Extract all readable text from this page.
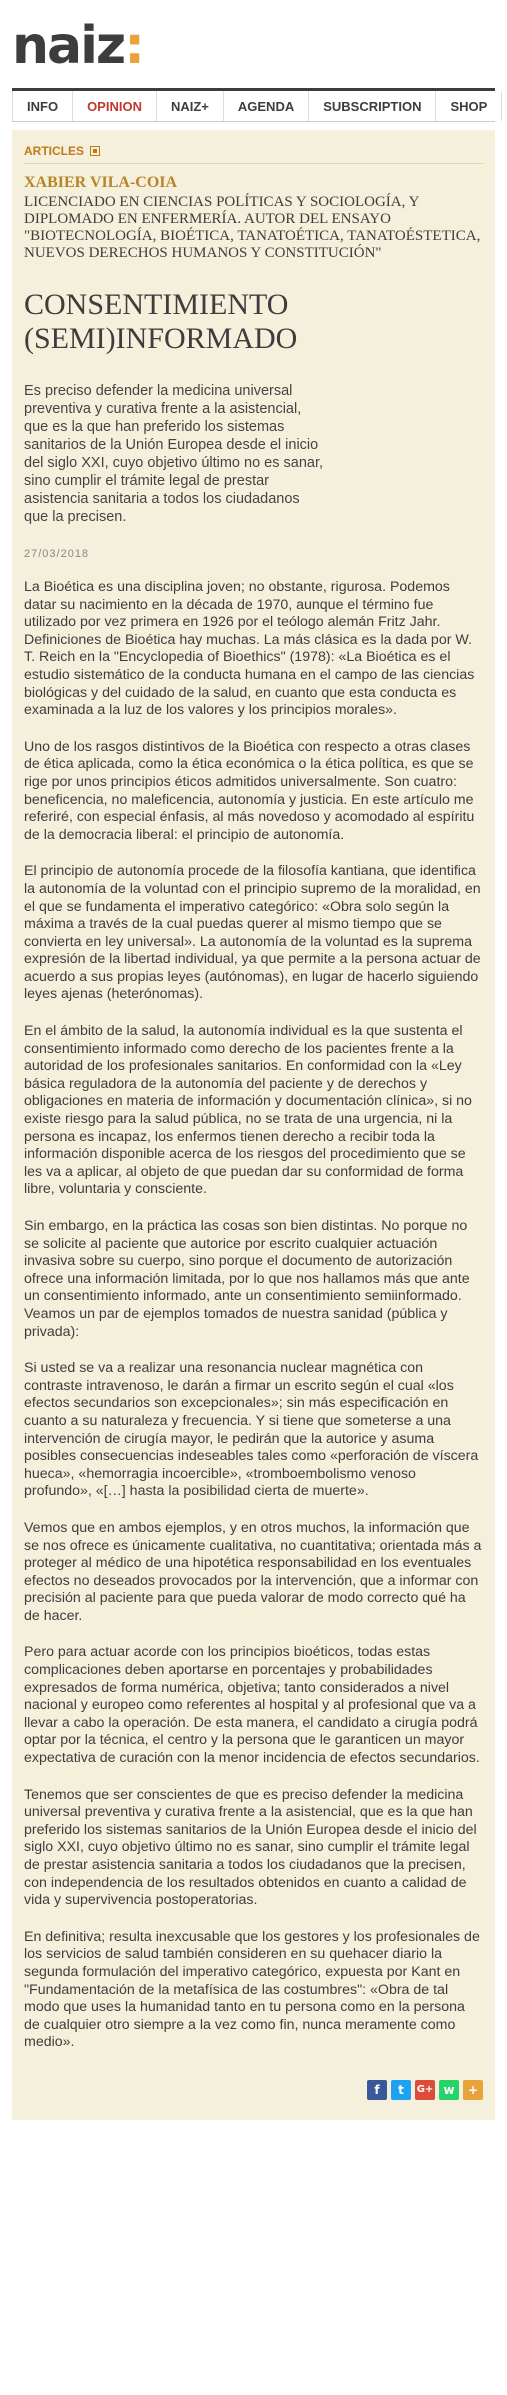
naiz:
INFO	OPINION	NAIZ+	AGENDA	SUBSCRIPTION	SHOP
ARTICLES
XABIER VILA-COIA
LICENCIADO EN CIENCIAS POLÍTICAS Y SOCIOLOGÍA, Y DIPLOMADO EN ENFERMERÍA. AUTOR DEL ENSAYO "BIOTECNOLOGÍA, BIOÉTICA, TANATOÉTICA, TANATOÉSTETICA, NUEVOS DERECHOS HUMANOS Y CONSTITUCIÓN"
CONSENTIMIENTO (SEMI)INFORMADO
Es preciso defender la medicina universal preventiva y curativa frente a la asistencial, que es la que han preferido los sistemas sanitarios de la Unión Europea desde el inicio del siglo XXI, cuyo objetivo último no es sanar, sino cumplir el trámite legal de prestar asistencia sanitaria a todos los ciudadanos que la precisen.
27/03/2018

La Bioética es una disciplina joven; no obstante, rigurosa. Podemos datar su nacimiento en la década de 1970, aunque el término fue utilizado por vez primera en 1926 por el teólogo alemán Fritz Jahr. Definiciones de Bioética hay muchas. La más clásica es la dada por W. T. Reich en la "Encyclopedia of Bioethics" (1978): «La Bioética es el estudio sistemático de la conducta humana en el campo de las ciencias biológicas y del cuidado de la salud, en cuanto que esta conducta es examinada a la luz de los valores y los principios morales».

Uno de los rasgos distintivos de la Bioética con respecto a otras clases de ética aplicada, como la ética económica o la ética política, es que se rige por unos principios éticos admitidos universalmente. Son cuatro: beneficencia, no maleficencia, autonomía y justicia. En este artículo me referiré, con especial énfasis, al más novedoso y acomodado al espíritu de la democracia liberal: el principio de autonomía.

El principio de autonomía procede de la filosofía kantiana, que identifica la autonomía de la voluntad con el principio supremo de la moralidad, en el que se fundamenta el imperativo categórico: «Obra solo según la máxima a través de la cual puedas querer al mismo tiempo que se convierta en ley universal». La autonomía de la voluntad es la suprema expresión de la libertad individual, ya que permite a la persona actuar de acuerdo a sus propias leyes (autónomas), en lugar de hacerlo siguiendo leyes ajenas (heterónomas).

En el ámbito de la salud, la autonomía individual es la que sustenta el consentimiento informado como derecho de los pacientes frente a la autoridad de los profesionales sanitarios. En conformidad con la «Ley básica reguladora de la autonomía del paciente y de derechos y obligaciones en materia de información y documentación clínica», si no existe riesgo para la salud pública, no se trata de una urgencia, ni la persona es incapaz, los enfermos tienen derecho a recibir toda la información disponible acerca de los riesgos del procedimiento que se les va a aplicar, al objeto de que puedan dar su conformidad de forma libre, voluntaria y consciente.

Sin embargo, en la práctica las cosas son bien distintas. No porque no se solicite al paciente que autorice por escrito cualquier actuación invasiva sobre su cuerpo, sino porque el documento de autorización ofrece una información limitada, por lo que nos hallamos más que ante un consentimiento informado, ante un consentimiento semiinformado. Veamos un par de ejemplos tomados de nuestra sanidad (pública y privada):

Si usted se va a realizar una resonancia nuclear magnética con contraste intravenoso, le darán a firmar un escrito según el cual «los efectos secundarios son excepcionales»; sin más especificación en cuanto a su naturaleza y frecuencia. Y si tiene que someterse a una intervención de cirugía mayor, le pedirán que la autorice y asuma posibles consecuencias indeseables tales como «perforación de víscera hueca», «hemorragia incoercible», «tromboembolismo venoso profundo», «[…] hasta la posibilidad cierta de muerte».

Vemos que en ambos ejemplos, y en otros muchos, la información que se nos ofrece es únicamente cualitativa, no cuantitativa; orientada más a proteger al médico de una hipotética responsabilidad en los eventuales efectos no deseados provocados por la intervención, que a informar con precisión al paciente para que pueda valorar de modo correcto qué ha de hacer.

Pero para actuar acorde con los principios bioéticos, todas estas complicaciones deben aportarse en porcentajes y probabilidades expresados de forma numérica, objetiva; tanto considerados a nivel nacional y europeo como referentes al hospital y al profesional que va a llevar a cabo la operación. De esta manera, el candidato a cirugía podrá optar por la técnica, el centro y la persona que le garanticen un mayor expectativa de curación con la menor incidencia de efectos secundarios.

Tenemos que ser conscientes de que es preciso defender la medicina universal preventiva y curativa frente a la asistencial, que es la que han preferido los sistemas sanitarios de la Unión Europea desde el inicio del siglo XXI, cuyo objetivo último no es sanar, sino cumplir el trámite legal de prestar asistencia sanitaria a todos los ciudadanos que la precisen, con independencia de los resultados obtenidos en cuanto a calidad de vida y supervivencia postoperatorias.

En definitiva; resulta inexcusable que los gestores y los profesionales de los servicios de salud también consideren en su quehacer diario la segunda formulación del imperativo categórico, expuesta por Kant en "Fundamentación de la metafísica de las costumbres": «Obra de tal modo que uses la humanidad tanto en tu persona como en la persona de cualquier otro siempre a la vez como fin, nunca meramente como medio».

f	t	G+ w	+
